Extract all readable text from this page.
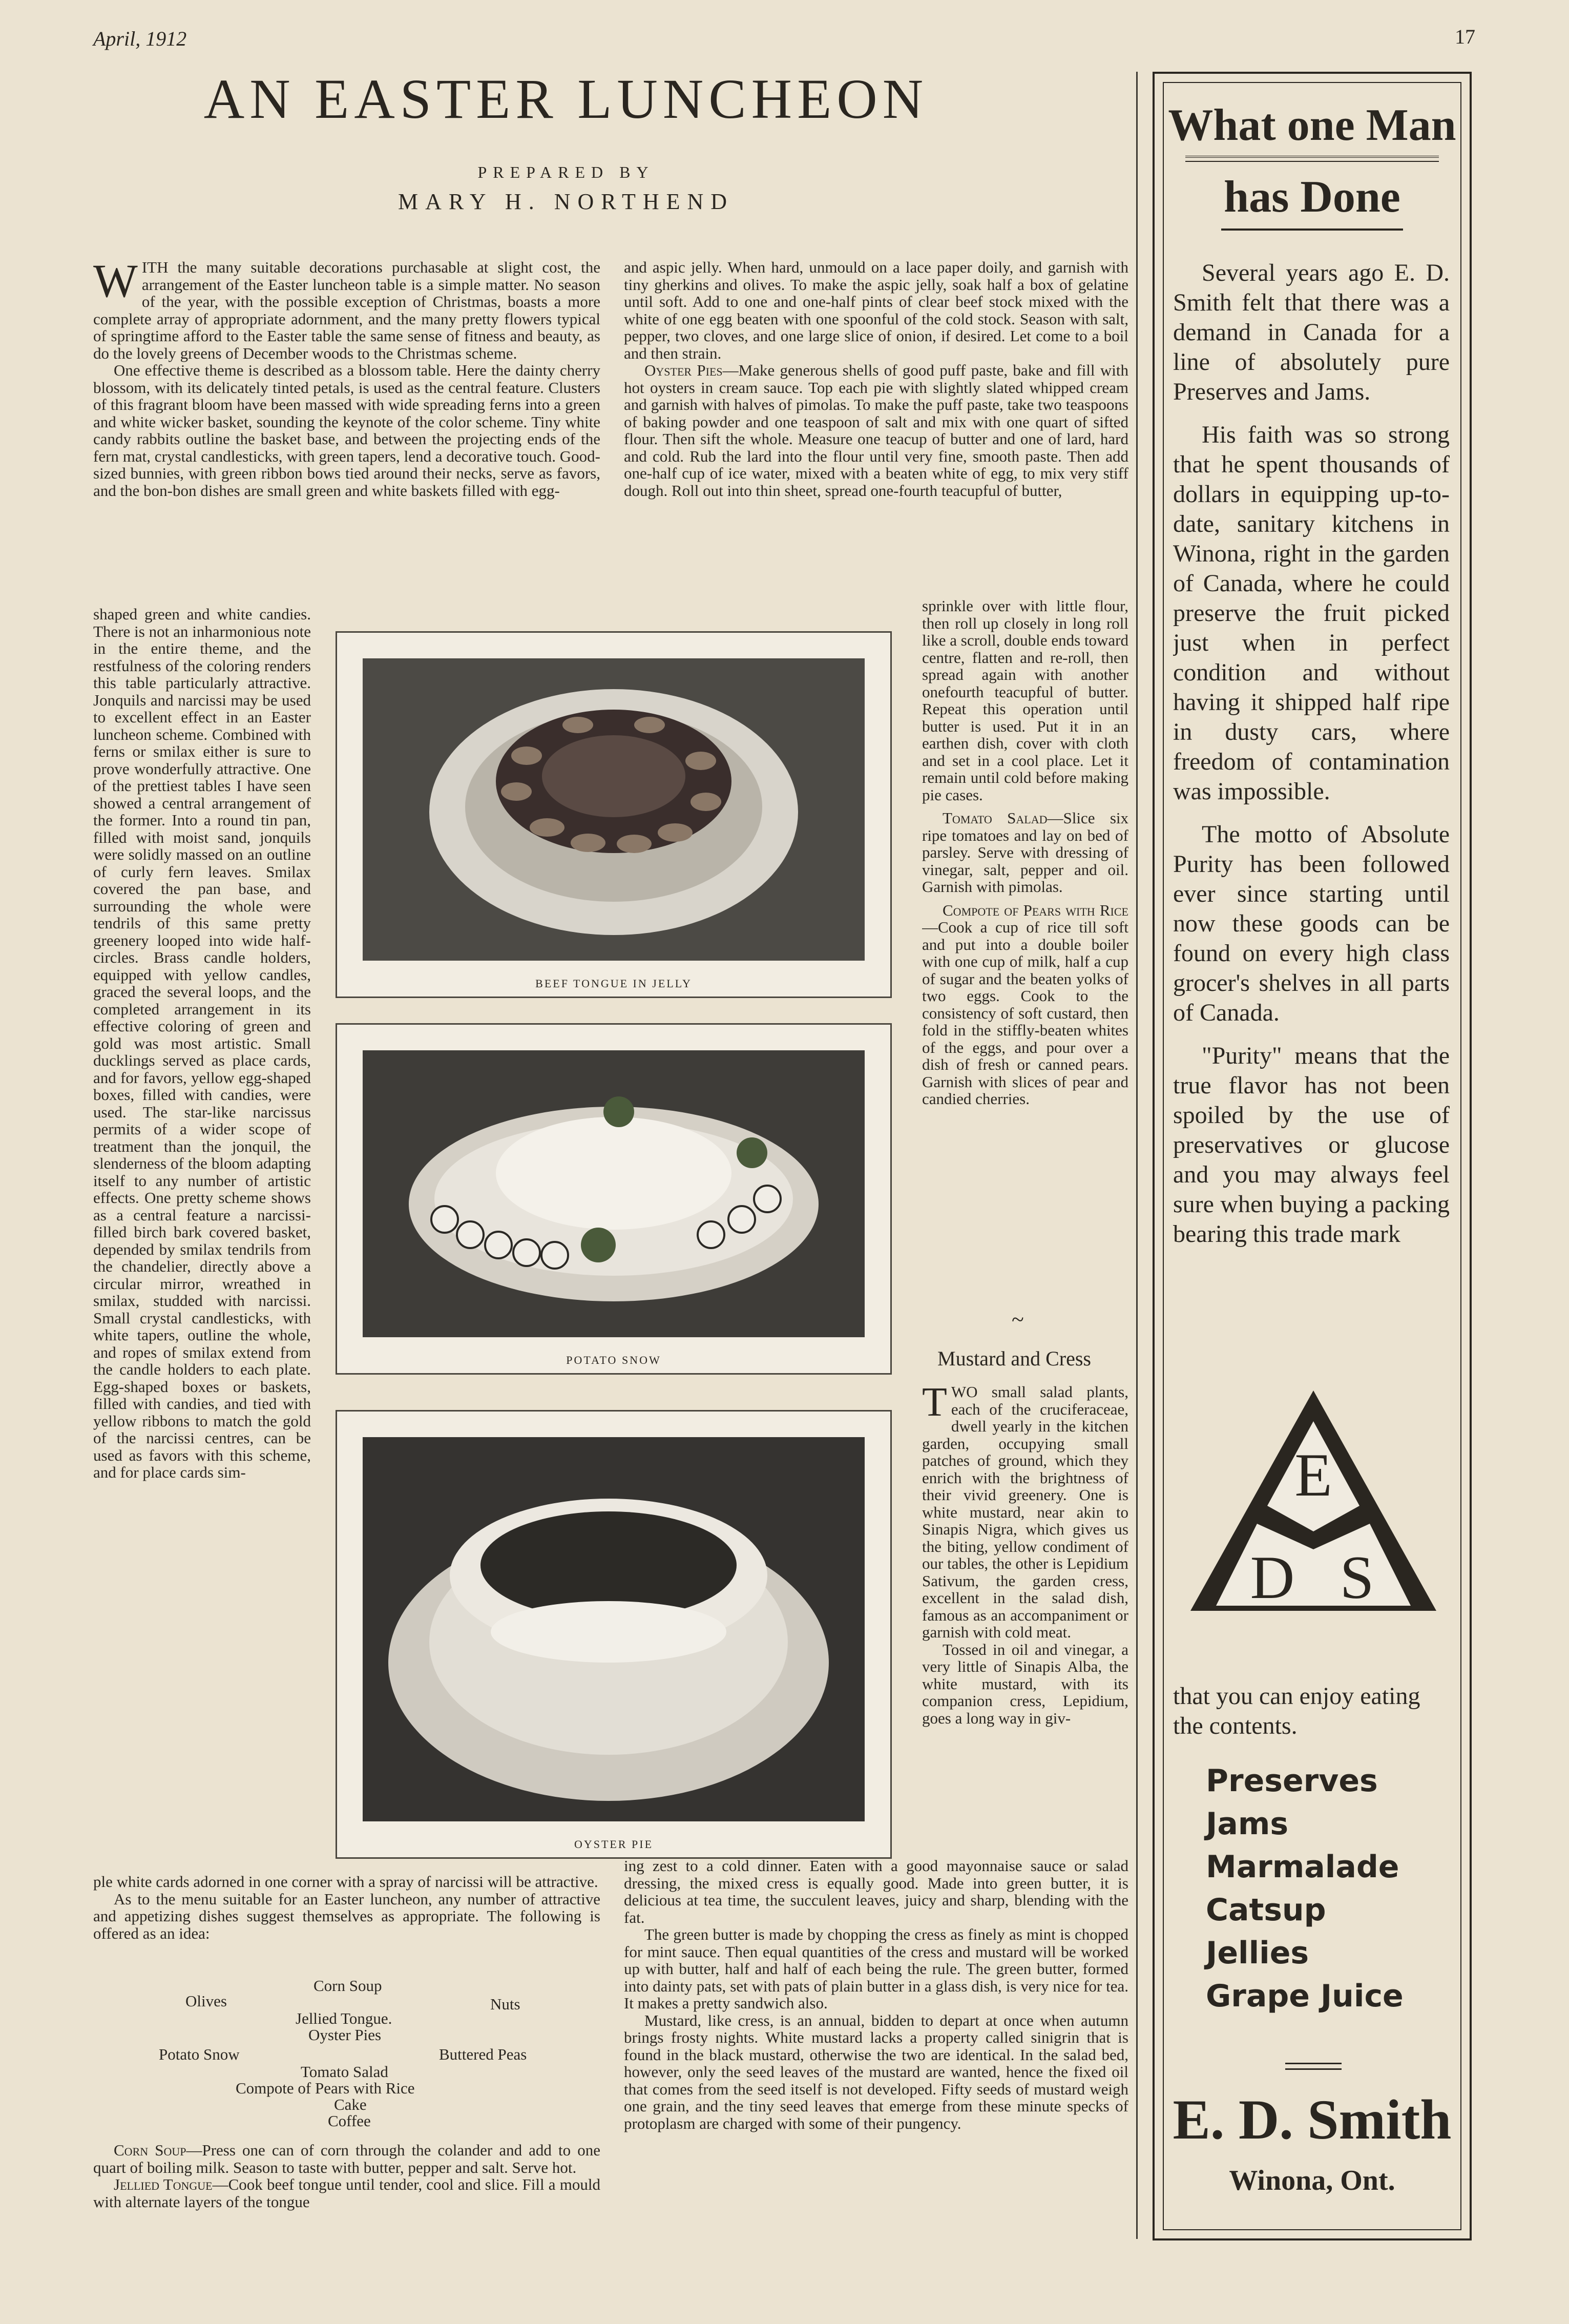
April, 1912	17
AN EASTER LUNCHEON
PREPARED BY
MARY H. NORTHEND
W ITH the many suitable decorations purchasable at slight cost, the arrangement of the Easter luncheon table is a simple matter. No season of the year, with the possible exception of Christmas, boasts a more complete array of appropriate adornment, and the many pretty flowers typical of springtime afford to the Easter table the same sense of fitness and beauty, as do the lovely greens of December woods to the Christmas scheme.

One effective theme is described as a blossom table. Here the dainty cherry blossom, with its delicately tinted petals, is used as the central feature. Clusters of this fragrant bloom have been massed with wide spreading ferns into a green and white wicker basket, sounding the keynote of the color scheme. Tiny white candy rabbits outline the basket base, and between the projecting ends of the fern mat, crystal candlesticks, with green tapers, lend a decorative touch. Good-sized bunnies, with green ribbon bows tied around their necks, serve as favors, and the bon-bon dishes are small green and white baskets filled with egg-

shaped green and white candies. There is not an inharmonious note in the entire theme, and the restfulness of the coloring renders this table particularly attractive. Jonquils and narcissi may be used to excellent effect in an Easter luncheon scheme. Combined with ferns or smilax either is sure to prove wonderfully attractive. One of the prettiest tables I have seen showed a central arrangement of the former. Into a round tin pan, filled with moist sand, jonquils were solidly massed on an outline of curly fern leaves. Smilax covered the pan base, and surrounding the whole were tendrils of this same pretty greenery looped into wide half-circles. Brass candle holders, equipped with yellow candles, graced the several loops, and the completed arrangement in its effective coloring of green and gold was most artistic. Small ducklings served as place cards, and for favors, yellow egg-shaped boxes, filled with candies, were used. The star-like narcissus permits of a wider scope of treatment than the jonquil, the slenderness of the bloom adapting itself to any number of artistic effects. One pretty scheme shows as a central feature a narcissi-filled birch bark covered basket, depended by smilax tendrils from the chandelier, directly above a circular mirror, wreathed in smilax, studded with narcissi. Small crystal candlesticks, with white tapers, outline the whole, and ropes of smilax extend from the candle holders to each plate. Egg-shaped boxes or baskets, filled with candies, and tied with yellow ribbons to match the gold of the narcissi centres, can be used as favors with this scheme, and for place cards sim-

BEEF TONGUE IN JELLY
POTATO SNOW
OYSTER PIE

ple white cards adorned in one corner with a spray of narcissi will be attractive.

As to the menu suitable for an Easter luncheon, any number of attractive and appetizing dishes suggest themselves as appropriate. The following is offered as an idea:

Corn Soup
Olives	Nuts
Jellied Tongue.
Oyster Pies
Potato Snow	Buttered Peas
Tomato Salad
Compote of Pears with Rice
Cake
Coffee

Corn Soup—Press one can of corn through the colander and add to one quart of boiling milk. Season to taste with butter, pepper and salt. Serve hot.

Jellied Tongue—Cook beef tongue until tender, cool and slice. Fill a mould with alternate layers of the tongue

and aspic jelly. When hard, unmould on a lace paper doily, and garnish with tiny gherkins and olives. To make the aspic jelly, soak half a box of gelatine until soft. Add to one and one-half pints of clear beef stock mixed with the white of one egg beaten with one spoonful of the cold stock. Season with salt, pepper, two cloves, and one large slice of onion, if desired. Let come to a boil and then strain.

Oyster Pies—Make generous shells of good puff paste, bake and fill with hot oysters in cream sauce. Top each pie with slightly slated whipped cream and garnish with halves of pimolas. To make the puff paste, take two teaspoons of baking powder and one teaspoon of salt and mix with one quart of sifted flour. Then sift the whole. Measure one teacup of butter and one of lard, hard and cold. Rub the lard into the flour until very fine, smooth paste. Then add one-half cup of ice water, mixed with a beaten white of egg, to mix very stiff dough. Roll out into thin sheet, spread one-fourth teacupful of butter,

sprinkle over with little flour, then roll up closely in long roll like a scroll, double ends toward centre, flatten and re-roll, then spread again with another onefourth teacupful of butter. Repeat this operation until butter is used. Put it in an earthen dish, cover with cloth and set in a cool place. Let it remain until cold before making pie cases.

Tomato Salad—Slice six ripe tomatoes and lay on bed of parsley. Serve with dressing of vinegar, salt, pepper and oil. Garnish with pimolas.

Compote of Pears with Rice—Cook a cup of rice till soft and put into a double boiler with one cup of milk, half a cup of sugar and the beaten yolks of two eggs. Cook to the consistency of soft custard, then fold in the stiffly-beaten whites of the eggs, and pour over a dish of fresh or canned pears. Garnish with slices of pear and candied cherries.

~
Mustard and Cress
T WO small salad plants, each of the cruciferaceae, dwell yearly in the kitchen garden, occupying small patches of ground, which they enrich with the brightness of their vivid greenery. One is white mustard, near akin to Sinapis Nigra, which gives us the biting, yellow condiment of our tables, the other is Lepidium Sativum, the garden cress, excellent in the salad dish, famous as an accompaniment or garnish with cold meat.

Tossed in oil and vinegar, a very little of Sinapis Alba, the white mustard, with its companion cress, Lepidium, goes a long way in giv-

ing zest to a cold dinner. Eaten with a good mayonnaise sauce or salad dressing, the mixed cress is equally good. Made into green butter, it is delicious at tea time, the succulent leaves, juicy and sharp, blending with the fat.

The green butter is made by chopping the cress as finely as mint is chopped for mint sauce. Then equal quantities of the cress and mustard will be worked up with butter, half and half of each being the rule. The green butter, formed into dainty pats, set with pats of plain butter in a glass dish, is very nice for tea. It makes a pretty sandwich also.

Mustard, like cress, is an annual, bidden to depart at once when autumn brings frosty nights. White mustard lacks a property called sinigrin that is found in the black mustard, otherwise the two are identical. In the salad bed, however, only the seed leaves of the mustard are wanted, hence the fixed oil that comes from the seed itself is not developed. Fifty seeds of mustard weigh one grain, and the tiny seed leaves that emerge from these minute specks of protoplasm are charged with some of their pungency.

What one Man
has Done

Several years ago E. D. Smith felt that there was a demand in Canada for a line of absolutely pure Preserves and Jams.

His faith was so strong that he spent thousands of dollars in equipping up-to-date, sanitary kitchens in Winona, right in the garden of Canada, where he could preserve the fruit picked just when in perfect condition and without having it shipped half ripe in dusty cars, where freedom of contamination was impossible.

The motto of Absolute Purity has been followed ever since starting until now these goods can be found on every high class grocer's shelves in all parts of Canada.

"Purity" means that the true flavor has not been spoiled by the use of preservatives or glucose and you may always feel sure when buying a packing bearing this trade mark

E
D S
that you can enjoy eating the contents.
Preserves
Jams
Marmalade
Catsup
Jellies
Grape Juice
E. D. Smith
Winona, Ont.
